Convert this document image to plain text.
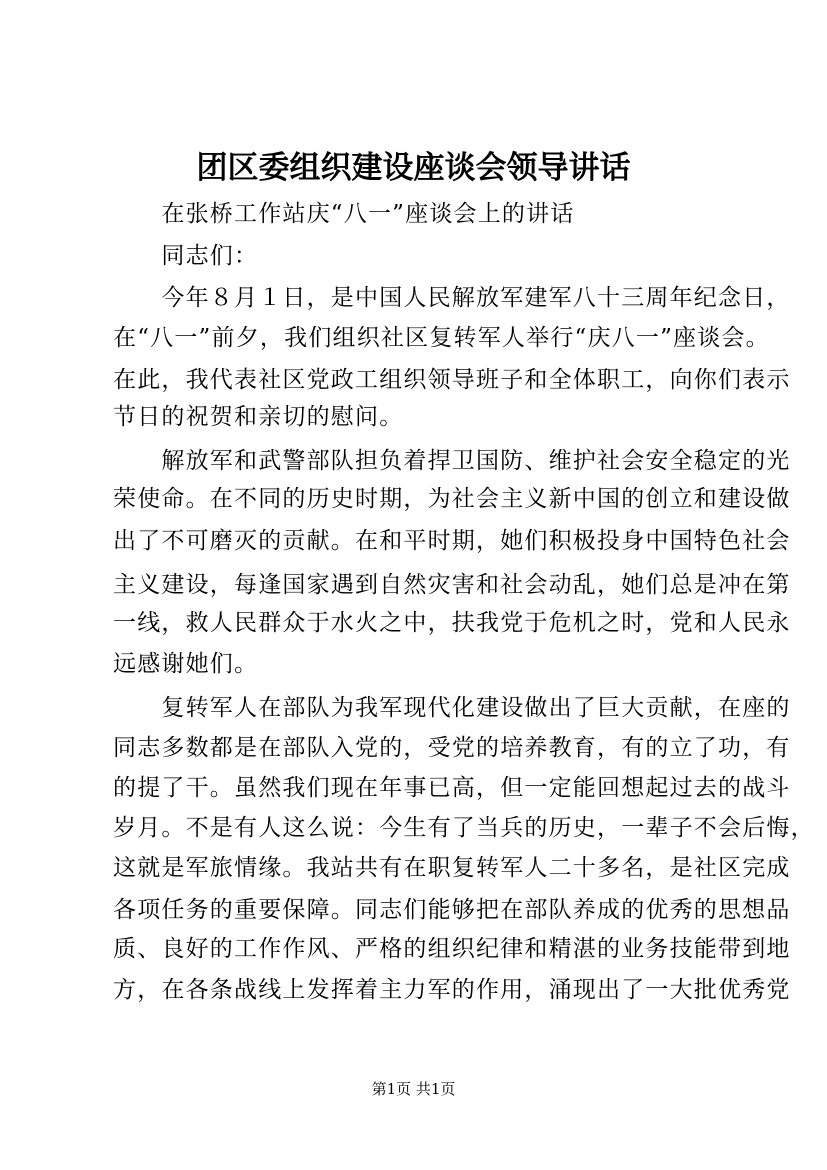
团区委组织建设座谈会领导讲话
　　在张桥工作站庆“八一”座谈会上的讲话
　　同志们：
　　今年８月１日，是中国人民解放军建军八十三周年纪念日，
在“八一”前夕，我们组织社区复转军人举行“庆八一”座谈会。
在此，我代表社区党政工组织领导班子和全体职工，向你们表示
节日的祝贺和亲切的慰问。
　　解放军和武警部队担负着捍卫国防、维护社会安全稳定的光
荣使命。在不同的历史时期，为社会主义新中国的创立和建设做
出了不可磨灭的贡献。在和平时期，她们积极投身中国特色社会
主义建设，每逢国家遇到自然灾害和社会动乱，她们总是冲在第
一线，救人民群众于水火之中，扶我党于危机之时，党和人民永
远感谢她们。
　　复转军人在部队为我军现代化建设做出了巨大贡献，在座的
同志多数都是在部队入党的，受党的培养教育，有的立了功，有
的提了干。虽然我们现在年事已高，但一定能回想起过去的战斗
岁月。不是有人这么说：今生有了当兵的历史，一辈子不会后悔，
这就是军旅情缘。我站共有在职复转军人二十多名，是社区完成
各项任务的重要保障。同志们能够把在部队养成的优秀的思想品
质、良好的工作作风、严格的组织纪律和精湛的业务技能带到地
方，在各条战线上发挥着主力军的作用，涌现出了一大批优秀党
第1页 共1页
